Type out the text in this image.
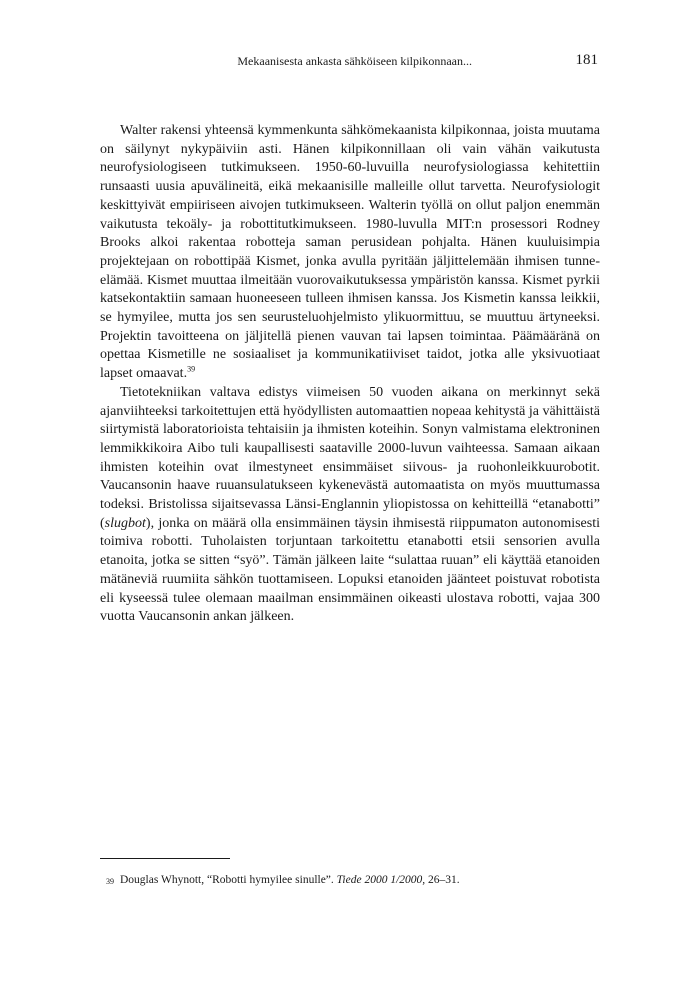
Mekaanisesta ankasta sähköiseen kilpikonnaan...	181

Walter rakensi yhteensä kymmenkunta sähkömekaanista kilpikonnaa, joista muutama on säilynyt nykypäiviin asti. Hänen kilpikonnillaan oli vain vähän vaikutusta neurofysiologiseen tutkimukseen. 1950-60-luvuilla neurofysiologiassa kehitettiin runsaasti uusia apuvälineitä, eikä mekaanisille malleille ollut tarvetta. Neurofysiologit keskittyivät empiiriseen aivojen tutkimukseen. Walterin työllä on ollut paljon enemmän vaikutusta tekoäly- ja robottitutkimukseen. 1980-luvulla MIT:n prosessori Rodney Brooks alkoi rakentaa robotteja saman perusidean pohjalta. Hänen kuuluisimpia projektejaan on robottipää Kismet, jonka avulla pyritään jäljittelemään ihmisen tunne-elämää. Kismet muuttaa ilmeitään vuorovaikutuksessa ympäristön kanssa. Kismet pyrkii katsekontaktiin samaan huoneeseen tulleen ihmisen kanssa. Jos Kismetin kanssa leikkii, se hymyilee, mutta jos sen seurusteluohjelmisto ylikuormittuu, se muuttuu ärtyneeksi. Projektin tavoitteena on jäljitellä pienen vauvan tai lapsen toimintaa. Päämääränä on opettaa Kismetille ne sosiaaliset ja kommunikatiiviset taidot, jotka alle yksivuotiaat lapset omaavat.$^{39}$

Tietotekniikan valtava edistys viimeisen 50 vuoden aikana on merkinnyt sekä ajanviihteeksi tarkoitettujen että hyödyllisten automaattien nopeaa kehitystä ja vähittäistä siirtymistä laboratorioista tehtaisiin ja ihmisten koteihin. Sonyn valmistama elektroninen lemmikkikoira Aibo tuli kaupallisesti saataville 2000-luvun vaihteessa. Samaan aikaan ihmisten koteihin ovat ilmestyneet ensimmäiset siivous- ja ruohonleikkuurobotit. Vaucansonin haave ruuansulatukseen kykenevästä automaatista on myös muuttumassa todeksi. Bristolissa sijaitsevassa Länsi-Englannin yliopistossa on kehitteillä “etanabotti” (slugbot), jonka on määrä olla ensimmäinen täysin ihmisestä riippumaton autonomisesti toimiva robotti. Tuholaisten torjuntaan tarkoitettu etanabotti etsii sensorien avulla etanoita, jotka se sitten “syö”. Tämän jälkeen laite “sulattaa ruuan” eli käyttää etanoiden mätäneviä ruumiita sähkön tuottamiseen. Lopuksi etanoiden jäänteet poistuvat robotista eli kyseessä tulee olemaan maailman ensimmäinen oikeasti ulostava robotti, vajaa 300 vuotta Vaucansonin ankan jälkeen.

39 Douglas Whynott, “Robotti hymyilee sinulle”. Tiede 2000 1/2000, 26–31.
